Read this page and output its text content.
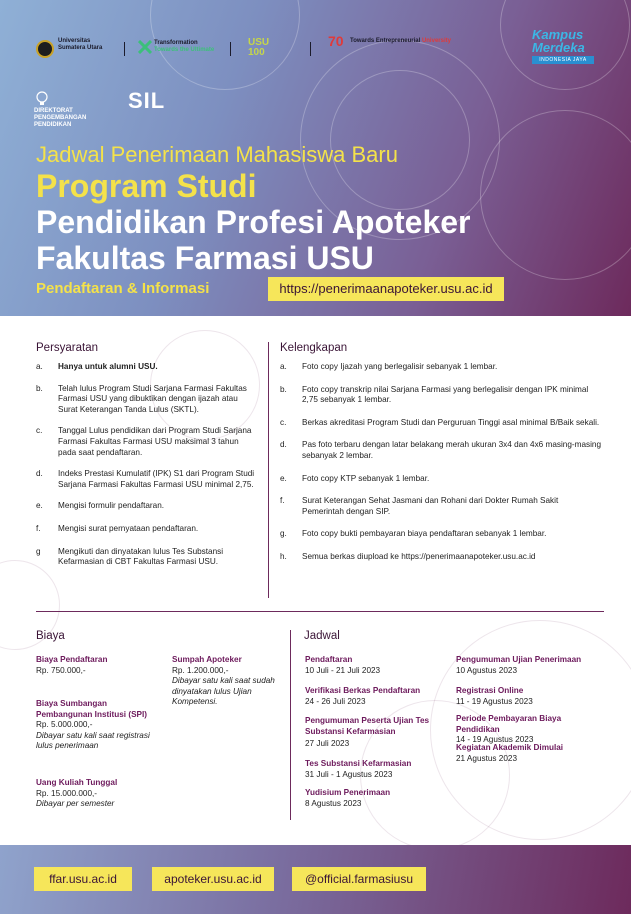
Universitas
Sumatera Utara
Transformation
Towards the Ultimate
USU 100
70 Towards Entrepreneurial University	Kampus
Merdeka
INDONESIA JAYA
DIREKTORAT
PENGEMBANGAN
PENDIDIKAN
SIL
Jadwal Penerimaan Mahasiswa Baru
Program Studi
Pendidikan Profesi Apoteker
Fakultas Farmasi USU
Pendaftaran & Informasi	https://penerimaanapoteker.usu.ac.id
Persyaratan
a. Hanya untuk alumni USU.
b. Telah lulus Program Studi Sarjana Farmasi Fakultas Farmasi USU yang dibuktikan dengan ijazah atau Surat Keterangan Tanda Lulus (SKTL).
c. Tanggal Lulus pendidikan dari Program Studi Sarjana Farmasi Fakultas Farmasi USU maksimal 3 tahun pada saat pendaftaran.
d. Indeks Prestasi Kumulatif (IPK) S1 dari Program Studi Sarjana Farmasi Fakultas Farmasi USU minimal 2,75.
e. Mengisi formulir pendaftaran.
f. Mengisi surat pernyataan pendaftaran.
g Mengikuti dan dinyatakan lulus Tes Substansi Kefarmasian di CBT Fakultas Farmasi USU.
Kelengkapan
a. Foto copy Ijazah yang berlegalisir sebanyak 1 lembar.
b. Foto copy transkrip nilai Sarjana Farmasi yang berlegalisir dengan IPK minimal 2,75 sebanyak 1 lembar.
c. Berkas akreditasi Program Studi dan Perguruan Tinggi asal minimal B/Baik sekali.
d. Pas foto terbaru dengan latar belakang merah ukuran 3x4 dan 4x6 masing-masing sebanyak 2 lembar.
e. Foto copy KTP sebanyak 1 lembar.
f. Surat Keterangan Sehat Jasmani dan Rohani dari Dokter Rumah Sakit Pemerintah dengan SIP.
g. Foto copy bukti pembayaran biaya pendaftaran sebanyak 1 lembar.
h. Semua berkas diupload ke https://penerimaanapoteker.usu.ac.id
Biaya
Biaya Pendaftaran
Rp. 750.000,-
Biaya Sumbangan Pembangunan Institusi (SPI)
Rp. 5.000.000,-
Dibayar satu kali saat registrasi lulus penerimaan
Uang Kuliah Tunggal
Rp. 15.000.000,-
Dibayar per semester
Sumpah Apoteker
Rp. 1.200.000,-
Dibayar satu kali saat sudah dinyatakan lulus Ujian Kompetensi.
Jadwal
Pendaftaran
10 Juli - 21 Juli 2023
Verifikasi Berkas Pendaftaran
24 - 26 Juli 2023
Pengumuman Peserta Ujian Tes Substansi Kefarmasian
27 Juli 2023
Tes Substansi Kefarmasian
31 Juli - 1 Agustus 2023
Yudisium Penerimaan
8 Agustus 2023
Pengumuman Ujian Penerimaan
10 Agustus 2023
Registrasi Online
11 - 19 Agustus 2023
Periode Pembayaran Biaya Pendidikan
14 - 19 Agustus 2023
Kegiatan Akademik Dimulai
21 Agustus 2023
ffar.usu.ac.id	apoteker.usu.ac.id	@official.farmasiusu
